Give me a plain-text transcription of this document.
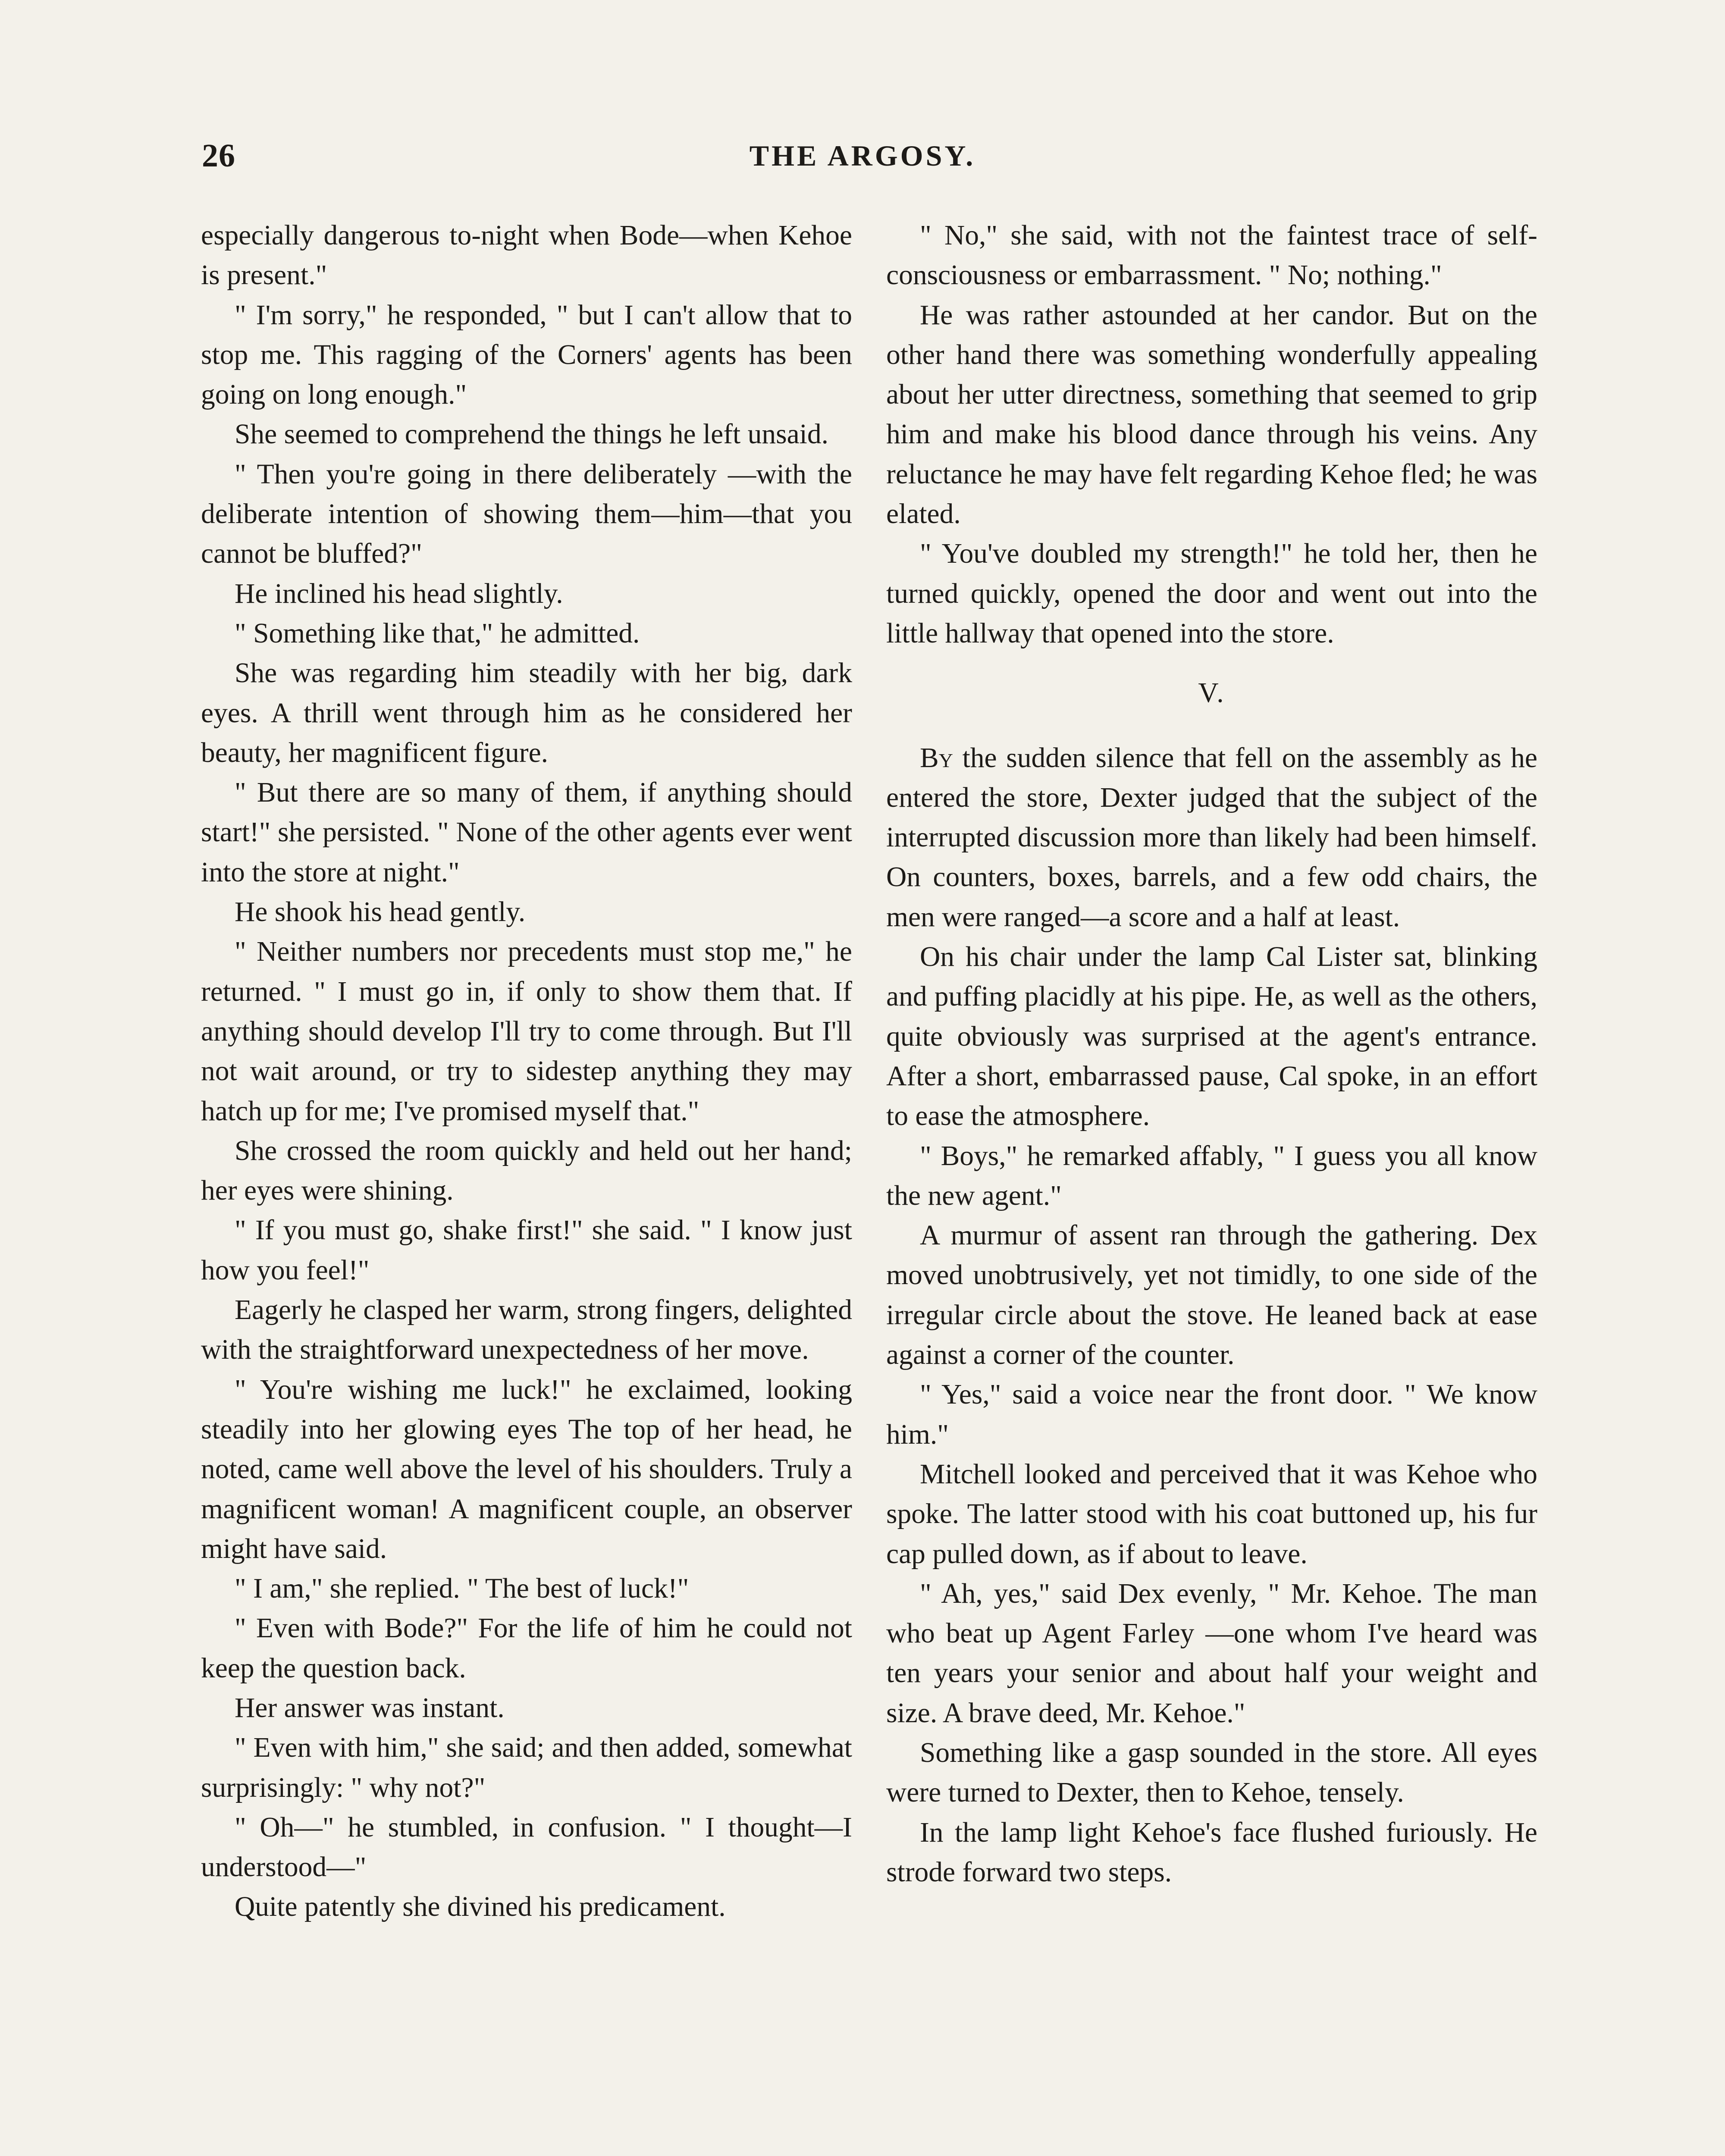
26	THE ARGOSY.

especially dangerous to-night when Bode—when Kehoe is present."

" I'm sorry," he responded, " but I can't allow that to stop me. This ragging of the Corners' agents has been going on long enough."

She seemed to comprehend the things he left unsaid.

" Then you're going in there deliberately —with the deliberate intention of showing them—him—that you cannot be bluffed?"

He inclined his head slightly.

" Something like that," he admitted.

She was regarding him steadily with her big, dark eyes. A thrill went through him as he considered her beauty, her magnificent figure.

" But there are so many of them, if anything should start!" she persisted. " None of the other agents ever went into the store at night."

He shook his head gently.

" Neither numbers nor precedents must stop me," he returned. " I must go in, if only to show them that. If anything should develop I'll try to come through. But I'll not wait around, or try to sidestep anything they may hatch up for me; I've promised myself that."

She crossed the room quickly and held out her hand; her eyes were shining.

" If you must go, shake first!" she said. " I know just how you feel!"

Eagerly he clasped her warm, strong fingers, delighted with the straightforward unexpectedness of her move.

" You're wishing me luck!" he exclaimed, looking steadily into her glowing eyes The top of her head, he noted, came well above the level of his shoulders. Truly a magnificent woman! A magnificent couple, an observer might have said.

" I am," she replied. " The best of luck!"

" Even with Bode?" For the life of him he could not keep the question back.

Her answer was instant.

" Even with him," she said; and then added, somewhat surprisingly: " why not?"

" Oh—" he stumbled, in confusion. " I thought—I understood—"

Quite patently she divined his predicament.

" No," she said, with not the faintest trace of self-consciousness or embarrassment. " No; nothing."

He was rather astounded at her candor. But on the other hand there was something wonderfully appealing about her utter directness, something that seemed to grip him and make his blood dance through his veins. Any reluctance he may have felt regarding Kehoe fled; he was elated.

" You've doubled my strength!" he told her, then he turned quickly, opened the door and went out into the little hallway that opened into the store.

V.

By the sudden silence that fell on the assembly as he entered the store, Dexter judged that the subject of the interrupted discussion more than likely had been himself. On counters, boxes, barrels, and a few odd chairs, the men were ranged—a score and a half at least.

On his chair under the lamp Cal Lister sat, blinking and puffing placidly at his pipe. He, as well as the others, quite obviously was surprised at the agent's entrance. After a short, embarrassed pause, Cal spoke, in an effort to ease the atmosphere.

" Boys," he remarked affably, " I guess you all know the new agent."

A murmur of assent ran through the gathering. Dex moved unobtrusively, yet not timidly, to one side of the irregular circle about the stove. He leaned back at ease against a corner of the counter.

" Yes," said a voice near the front door. " We know him."

Mitchell looked and perceived that it was Kehoe who spoke. The latter stood with his coat buttoned up, his fur cap pulled down, as if about to leave.

" Ah, yes," said Dex evenly, " Mr. Kehoe. The man who beat up Agent Farley —one whom I've heard was ten years your senior and about half your weight and size. A brave deed, Mr. Kehoe."

Something like a gasp sounded in the store. All eyes were turned to Dexter, then to Kehoe, tensely.

In the lamp light Kehoe's face flushed furiously. He strode forward two steps.
